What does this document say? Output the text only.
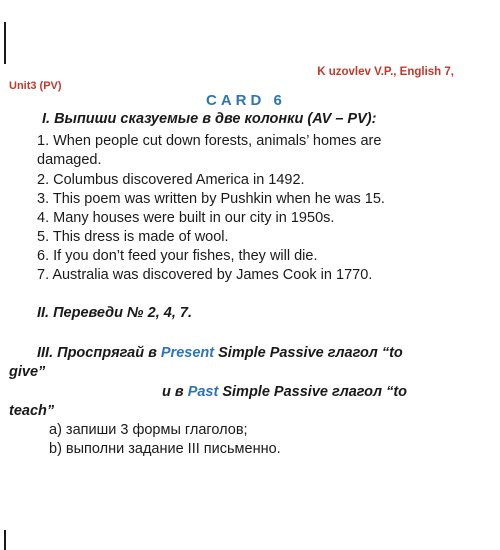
K uzovlev V.P., English 7,
Unit3 (PV)
CARD 6
I. Выпиши сказуемые в две колонки (AV – PV):
1. When people cut down forests, animals’ homes are
damaged.
2. Columbus discovered America in 1492.
3. This poem was written by Pushkin when he was 15.
4. Many houses were built in our city in 1950s.
5. This dress is made of wool.
6. If you don’t feed your fishes, they will die.
7. Australia was discovered by James Cook in 1770.
II. Переведи № 2, 4, 7.
III. Проспрягай в Present Simple Passive глагол “to
give”
и в Past Simple Passive глагол “to
teach”
a) запиши 3 формы глаголов;
b) выполни задание III письменно.
